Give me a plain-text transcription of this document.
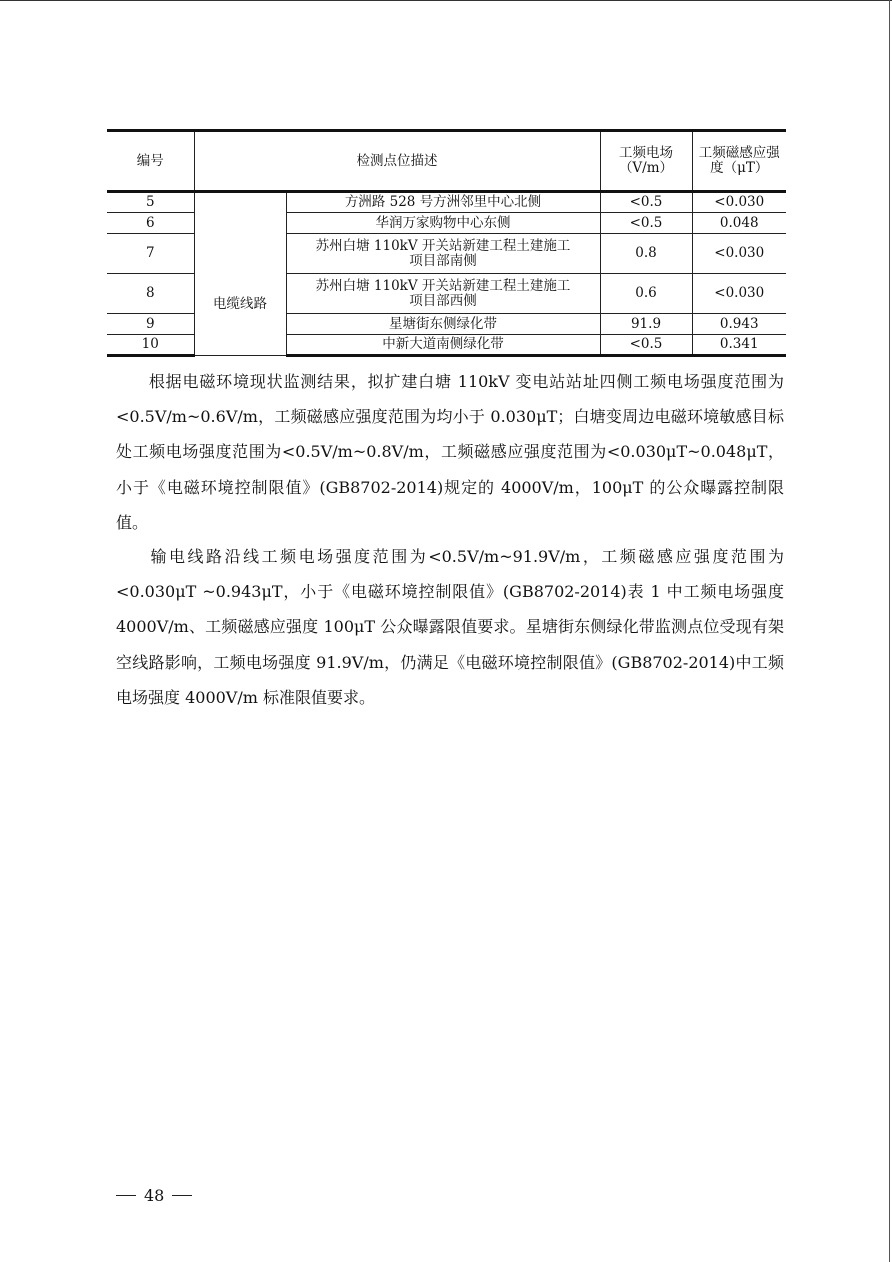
编号	检测点位描述		工频电场（V/m）	工频磁感应强度（μT）
5	电缆线路	方洲路 528 号方洲邻里中心北侧	<0.5	<0.030
6		华润万家购物中心东侧	<0.5	0.048
7		苏州白塘 110kV 开关站新建工程土建施工项目部南侧	0.8	<0.030
8		苏州白塘 110kV 开关站新建工程土建施工项目部西侧	0.6	<0.030
9		星塘街东侧绿化带	91.9	0.943
10		中新大道南侧绿化带	<0.5	0.341

根据电磁环境现状监测结果，拟扩建白塘 110kV 变电站站址四侧工频电场强度范围为<0.5V/m~0.6V/m，工频磁感应强度范围为均小于 0.030μT；白塘变周边电磁环境敏感目标处工频电场强度范围为<0.5V/m~0.8V/m，工频磁感应强度范围为<0.030μT~0.048μT，小于《电磁环境控制限值》(GB8702-2014)规定的 4000V/m，100μT 的公众曝露控制限值。

输电线路沿线工频电场强度范围为<0.5V/m~91.9V/m，工频磁感应强度范围为<0.030μT ~0.943μT，小于《电磁环境控制限值》(GB8702-2014)表 1 中工频电场强度 4000V/m、工频磁感应强度 100μT 公众曝露限值要求。星塘街东侧绿化带监测点位受现有架空线路影响，工频电场强度 91.9V/m，仍满足《电磁环境控制限值》(GB8702-2014)中工频电场强度 4000V/m 标准限值要求。

48
